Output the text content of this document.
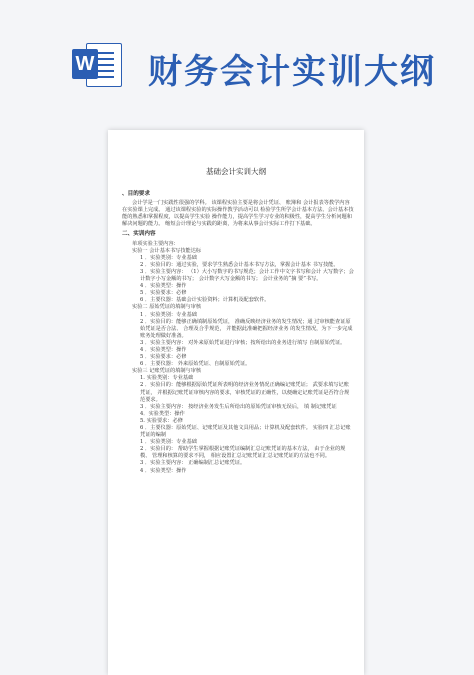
W 财务会计实训大纲
基础会计实训大纲

、目的要求

会计学是一门实践性很强的学科。 该课程实验主要是将会计凭证、 账簿和 会计报表等教学内容在实验课上完成。 通过该课程实验的实际操作教学活动可以 检验学生所学会计基本方法、会计基本技能的熟悉和掌握程度，以提高学生实验 操作能力，提高学生学习专业的积极性，提高学生分析问题和解决问题的能力。 缩短会计理论与实践的距离，为将来从事会计实际工作打下基础。

二、实训内容

单项实验主要内容：

实验一 会计基本书写技能达标

1 ．实验类别：专业基础

2 ．实验目的：通过实验，要求学生熟悉会计基本书写方法，掌握会计基本 书写技能。

3 ．实验主要内容： （1）大小写数字的书写规范；会计工作中文字书写和会计 大写数字；会计数字小写金额的书写； 会计数字大写金额的书写； 会计业务的“摘 要”书写。

4 ．实验类型：操作

5 ．实验要求：必修

6 ．主要仪器：基础会计实验资料；计算机及配套软件。

实验二 原始凭证的填制与审核

1 ．实验类别：专业基础

2 ．实验目的：能够正确填制原始凭证， 准确反映经济业务的发生情况；通 过审核能查证原始凭证是否合法、 合理及合乎规范， 并能据此准确把握经济业务 的发生情况，为下一步完成账务处理做好准备。

3 ．实验主要内容： 对外来原始凭证进行审核；按所给出的业务进行填写 自制原始凭证。

4 ．实验类型：操作

5 ．实验要求：必修

6 ．主要仪器： 外来原始凭证、自制原始凭证。

实验三 记账凭证的填制与审核

1. 实验类别：专业基础

2 ．实验目的：能够根据原始凭证所表明的经济业务情况正确编记账凭证； 武要求填写记账凭证， 并根据记账凭证审核内容的要求，审核凭证的正确性，以便确定记账凭证是否符合规范要求。

3 ．实验主要内容： 按经济业务发生后所给出的原始凭证审核无误后， 填 制记账凭证

4．实验类型：操作

5. 实验要求：必修

6 ．主要仪器：原始凭证、记账凭证及其他文具用品；计算机及配套软件。 实验四 汇总记账凭证的编制

1 ．实验类别：专业基础

2 ．实验目的： 帮助学生掌握根据记账凭证编制汇总记账凭证的基本方法， 由于企业的规模、 管理和核算的要求不同， 相应设置汇总记账凭证汇总记账凭证的方法也不同。

3 ．实验主要内容： 正确编制汇总记账凭证。

4 ．实验类型：操作
